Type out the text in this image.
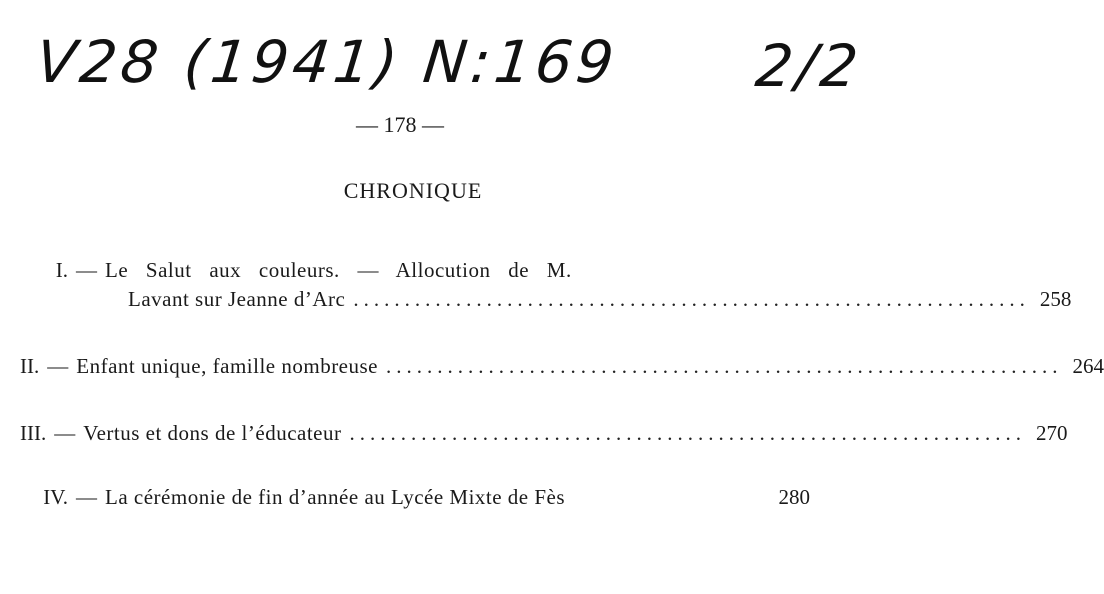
V28 (1941) N:169 2/2
— 178 —
CHRONIQUE
I. — Le Salut aux couleurs. — Allocution de M.
Lavant sur Jeanne d’Arc .................................................................. 258
II. — Enfant unique, famille nombreuse .................................................................. 264
III. — Vertus et dons de l’éducateur .................................................................. 270
IV. — La cérémonie de fin d’année au Lycée Mixte de Fès	280
